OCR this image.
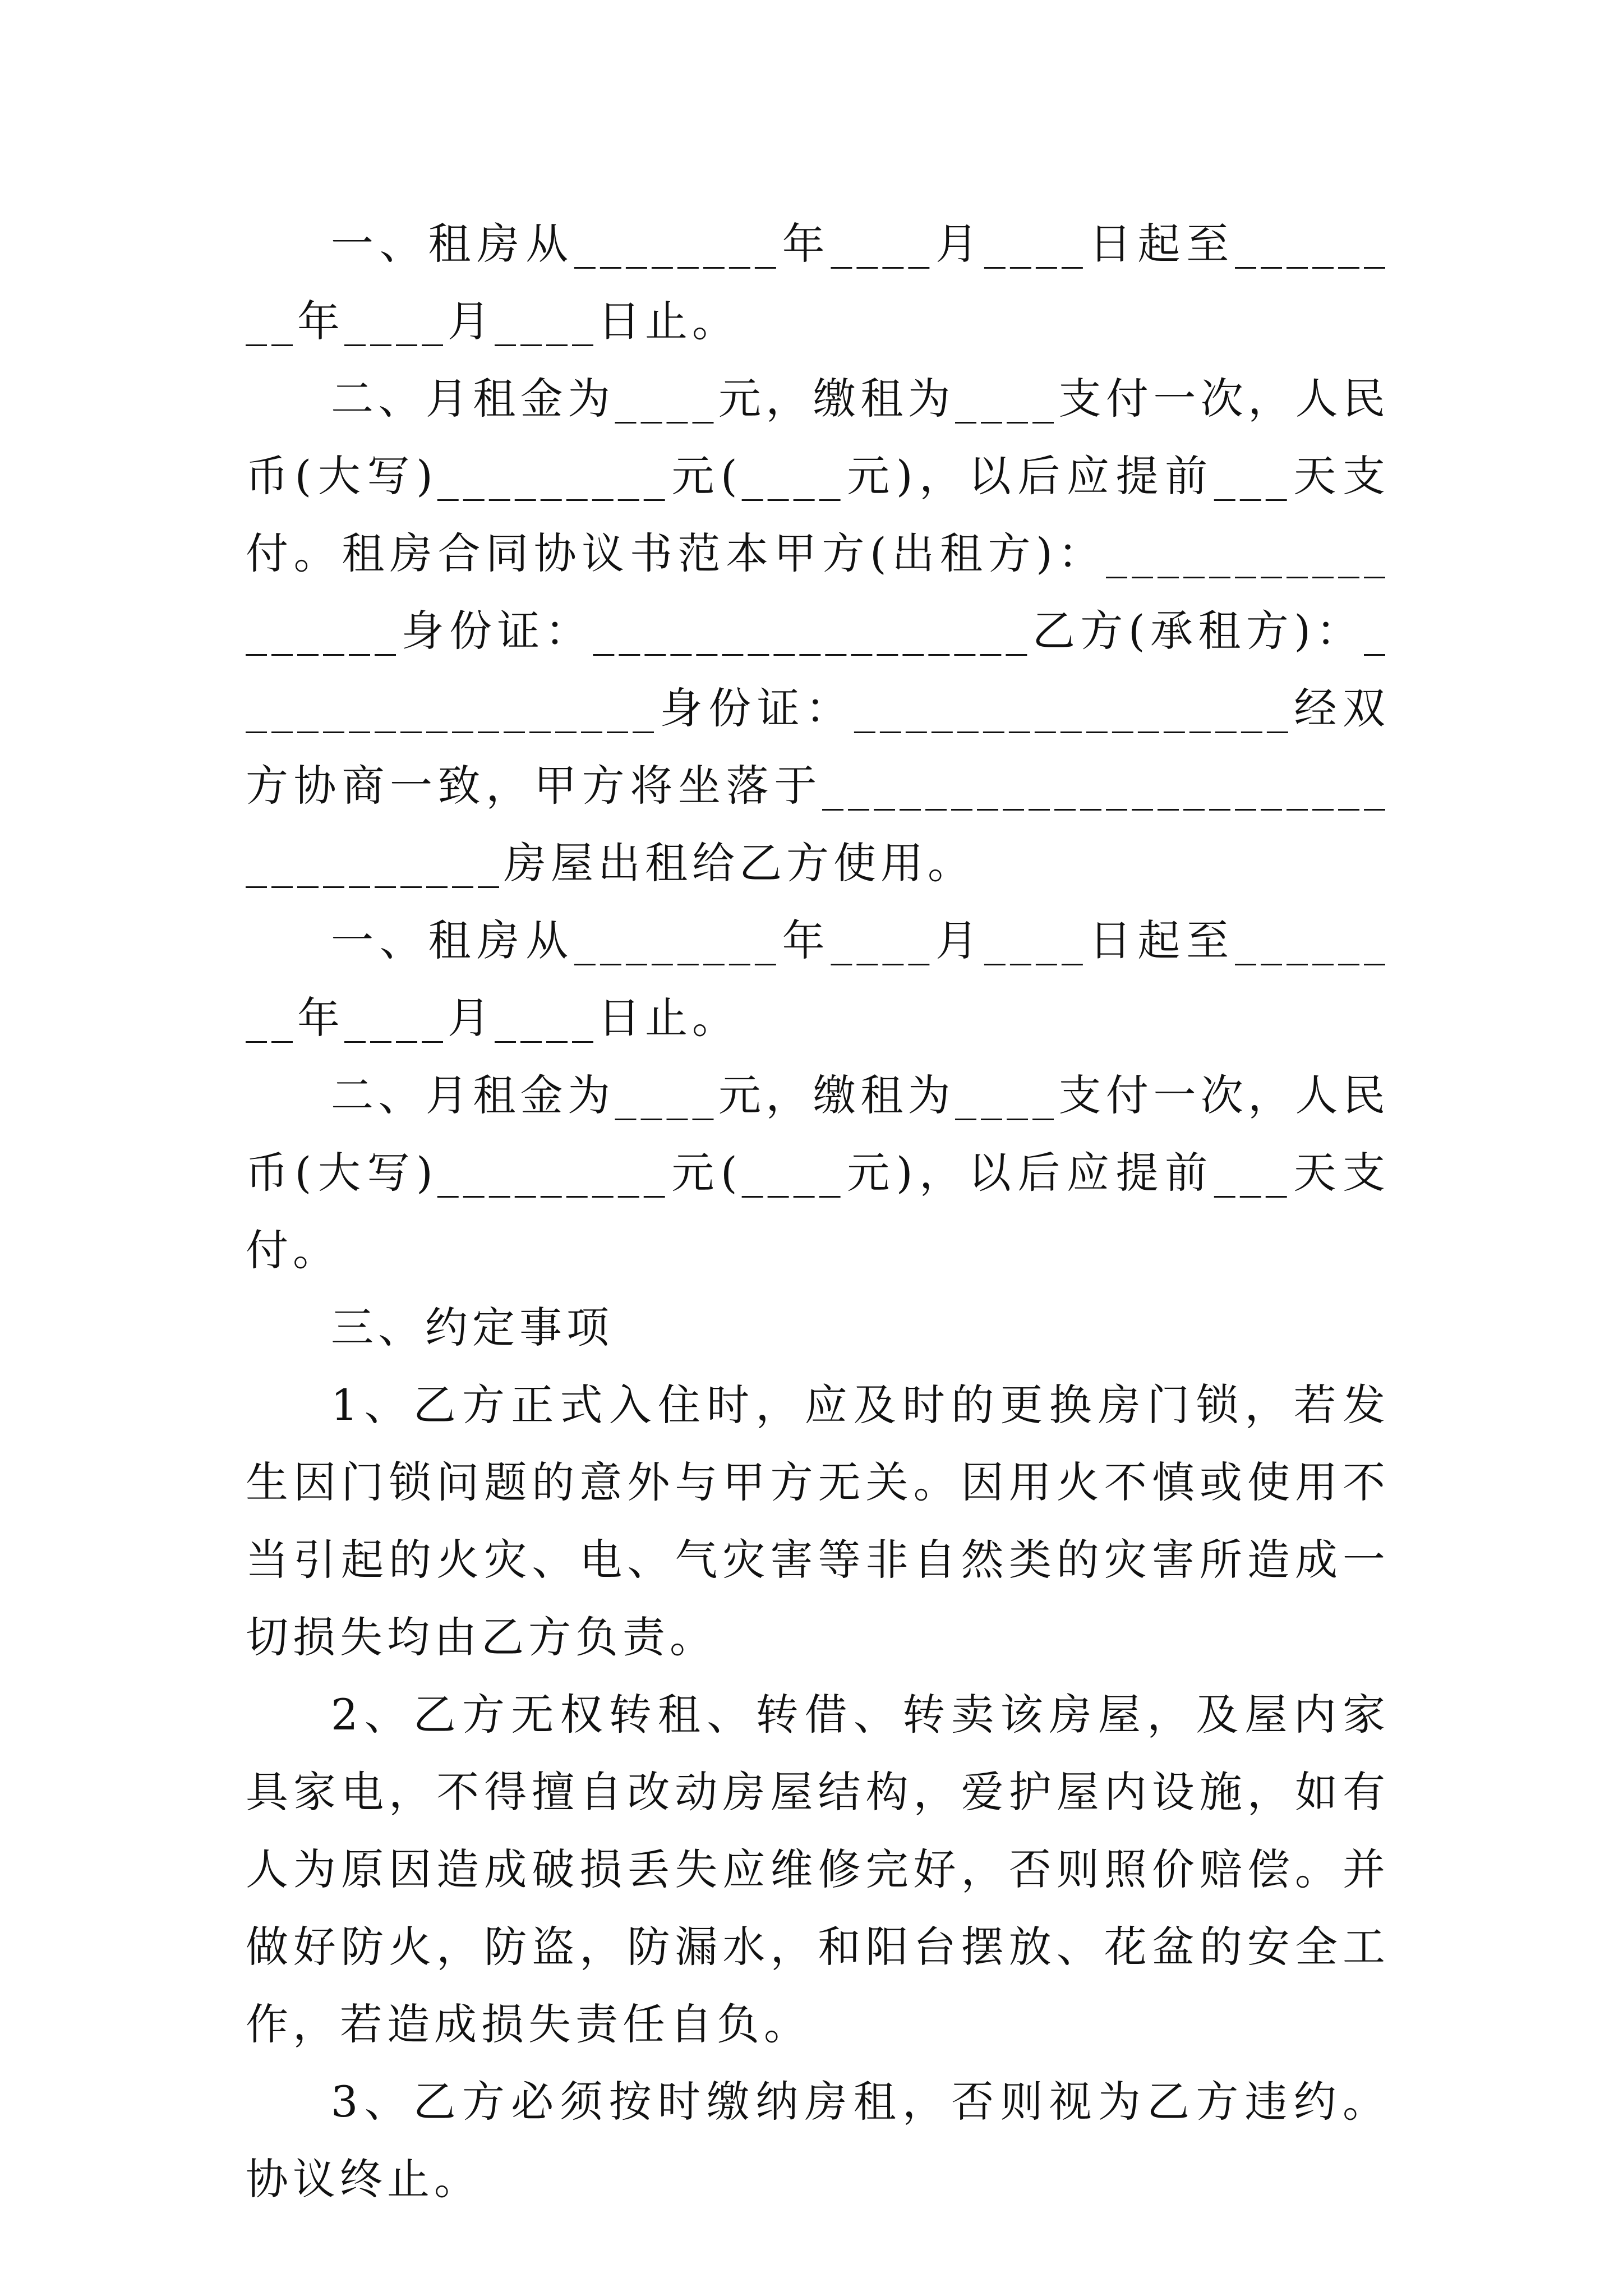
一、租房从________年____月____日起至________年____月____日止。

二、月租金为____元，缴租为____支付一次，人民币(大写)_________元(____元)，以后应提前___天支付。租房合同协议书范本甲方(出租方)：_________________身份证：_________________乙方(承租方)：_________________身份证：_________________经双方协商一致，甲方将坐落于________________________________房屋出租给乙方使用。

一、租房从________年____月____日起至________年____月____日止。

二、月租金为____元，缴租为____支付一次，人民币(大写)_________元(____元)，以后应提前___天支付。

三、约定事项

1、乙方正式入住时，应及时的更换房门锁，若发生因门锁问题的意外与甲方无关。因用火不慎或使用不当引起的火灾、电、气灾害等非自然类的灾害所造成一切损失均由乙方负责。

2、乙方无权转租、转借、转卖该房屋，及屋内家具家电，不得擅自改动房屋结构，爱护屋内设施，如有人为原因造成破损丢失应维修完好，否则照价赔偿。并做好防火，防盗，防漏水，和阳台摆放、花盆的安全工作，若造成损失责任自负。

3、乙方必须按时缴纳房租，否则视为乙方违约。协议终止。
